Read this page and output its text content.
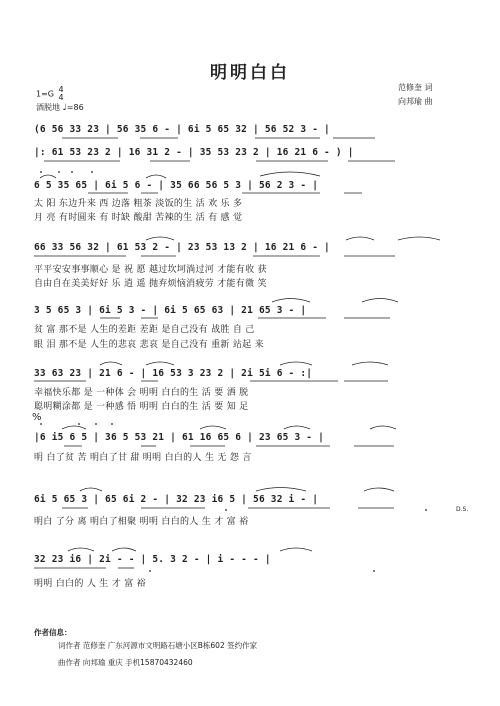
明明白白
1=G 4
4
酒脱地 ♩=86
范修奎 词
向邦瑜 曲
(6 56 33 23 | 56 35 6 - | 6i 5 65 32 | 56 52 3 - |
|: 61 53 23 2 | 16 31 2 - | 35 53 23 2 | 16 21 6 - ) |
6 5 35 65 | 6i 5 6 - | 35 66 56 5 3 | 56 2 3 - |
太 阳 东边升来 西 边落 粗茶 淡饭的生 活 欢 乐 多
月 亮 有时圆来 有 时缺 酸甜 苦辣的生 活 有 感 觉
66 33 56 32 | 61 53 2 - | 23 53 13 2 | 16 21 6 - |
平平安安事事顺心 是 祝 愿 越过坎坷淌过河 才能有收 获
自由自在美美好好 乐 逍 遥 抛弃烦恼消疲劳 才能有微 笑
3 5 65 3 | 6i 5 3 - | 6i 5 65 63 | 21 65 3 - |
贫 富 那不是 人生的差距 差距 是自己没有 战胜 自 己
眼 泪 那不是 人生的悲哀 悲哀 是自己没有 重新 站起 来
33 63 23 | 21 6 - | 16 53 3 23 2 | 2i 5i 6 - :|
幸福快乐都 是 一种体 会 明明 白白的生 活 要 洒 脱
聪明糊涂都 是 一种感 悟 明明 白白的生 活 要 知 足
%
|6 i5 6 5 | 36 5 53 21 | 61 16 65 6 | 23 65 3 - |
明 白了贫 苦 明白了甘 甜 明明 白白的人 生 无 怨 言
6i 5 65 3 | 65 6i 2 - | 32 23 i6 5 | 56 32 i - |
明白 了分 离 明白了相聚 明明 白白的人 生 才 富 裕
D.S.
32 23 i6 | 2i - - | 5. 3 2 - | i - - - |
明明 白白的 人 生 才 富 裕
作者信息：
词作者 范修奎 广东河源市文明路石塘小区B栋602 签约作家
曲作者 向邦瑜 重庆 手机15870432460
